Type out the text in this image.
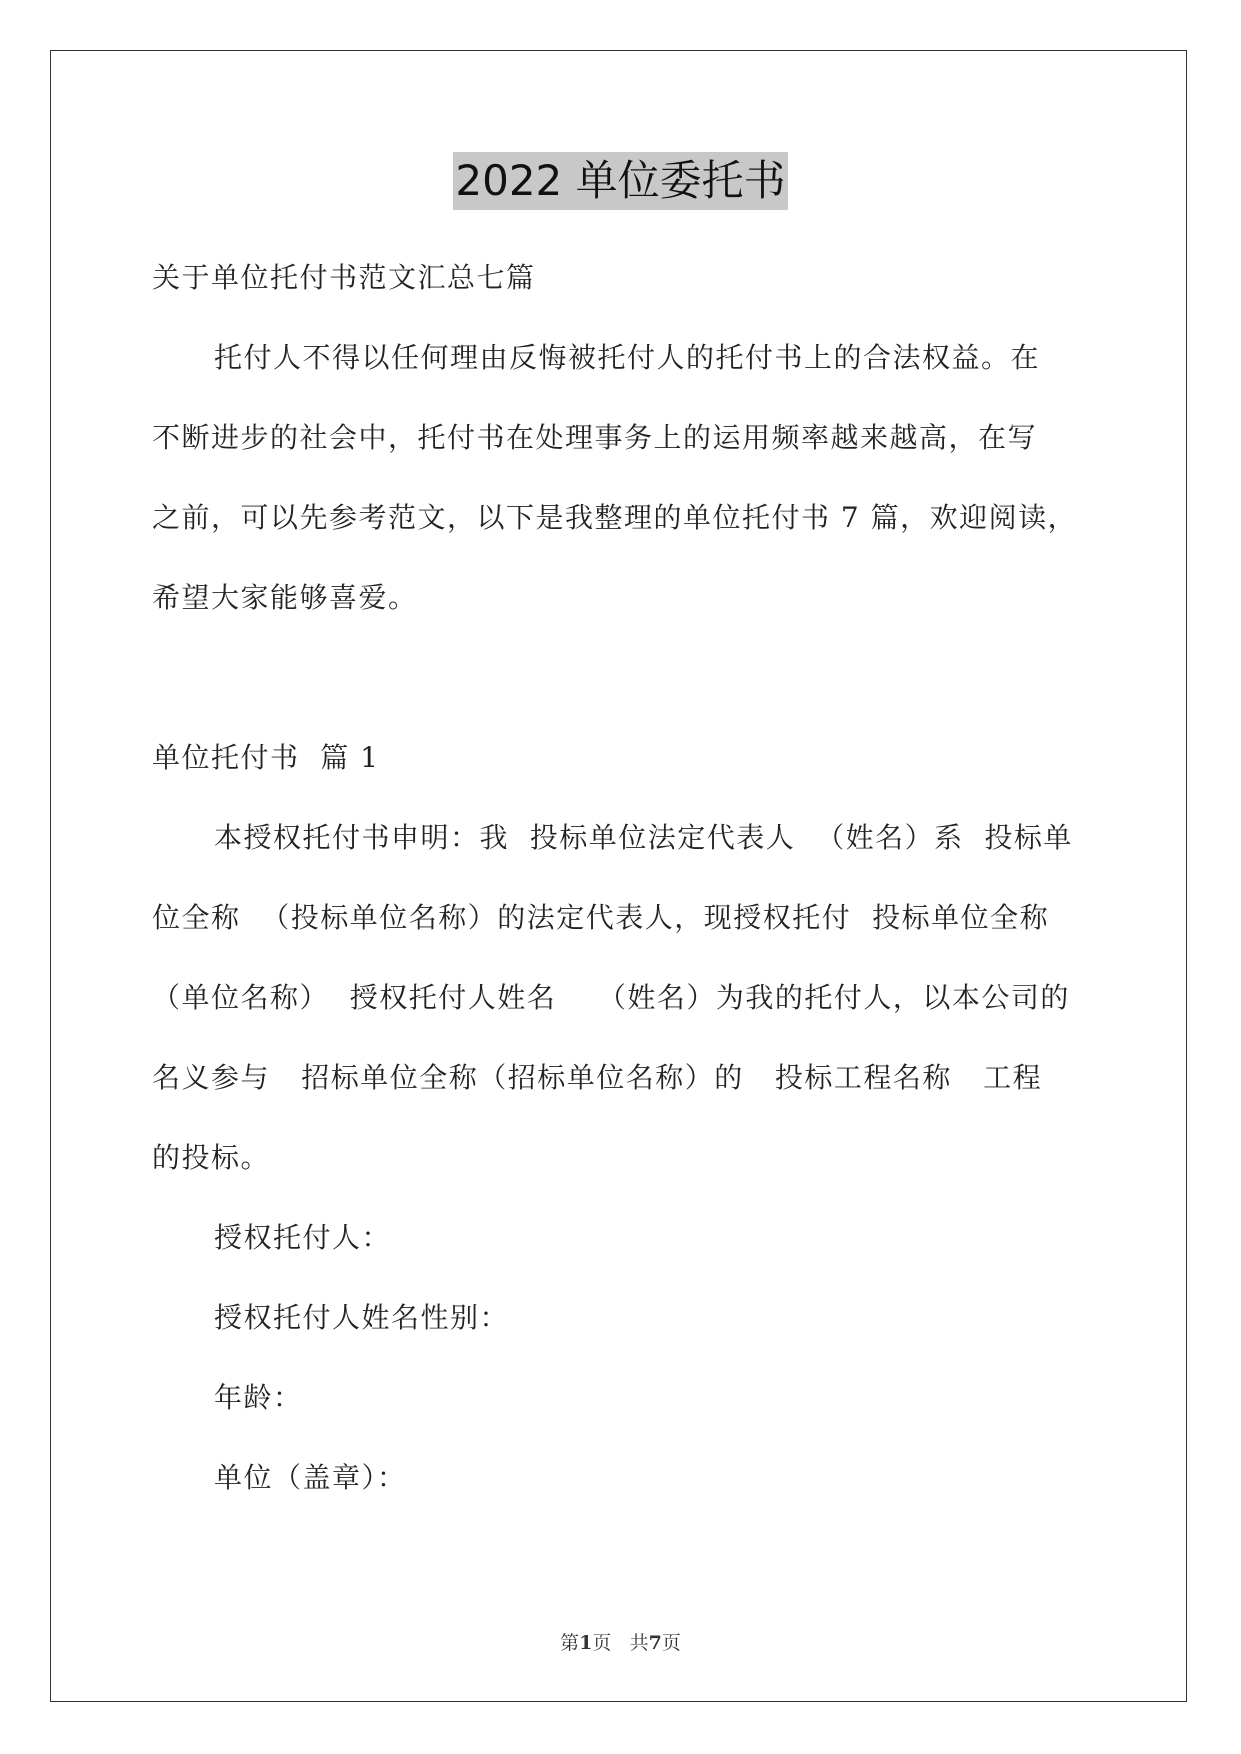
2022 单位委托书

关于单位托付书范文汇总七篇

托付人不得以任何理由反悔被托付人的托付书上的合法权益。在

不断进步的社会中，托付书在处理事务上的运用频率越来越高，在写

之前，可以先参考范文，以下是我整理的单位托付书 7 篇，欢迎阅读，

希望大家能够喜爱。

单位托付书  篇 1

本授权托付书申明：我  投标单位法定代表人  （姓名）系  投标单

位全称  （投标单位名称）的法定代表人，现授权托付  投标单位全称

（单位名称）  授权托付人姓名    （姓名）为我的托付人，以本公司的

名义参与   招标单位全称（招标单位名称）的   投标工程名称   工程

的投标。

授权托付人：

授权托付人姓名性别：

年龄：

单位（盖章）：

第1页 共7页
